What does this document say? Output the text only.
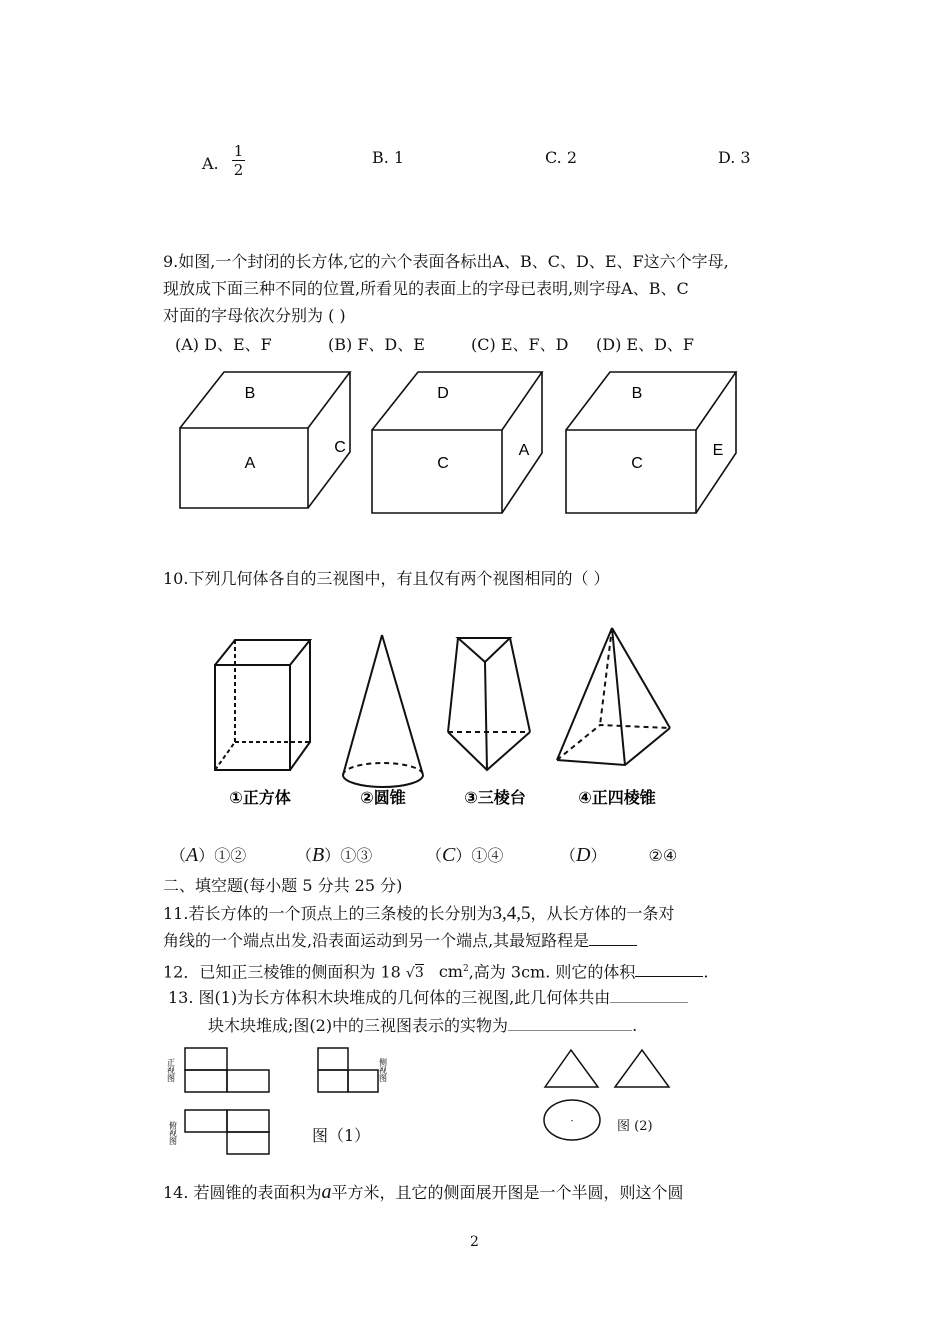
A. $\frac{1}{2}$	B. 1	C. 2	D. 3
9.如图,一个封闭的长方体,它的六个表面各标出A、B、C、D、E、F这六个字母,
现放成下面三种不同的位置,所看见的表面上的字母已表明,则字母A、B、C
对面的字母依次分别为 ( )
(A) D、E、F	(B) F、D、E	(C) E、F、D (D) E、D、F
B
A
C
D
C
A
B
C
E
10.下列几何体各自的三视图中，有且仅有两个视图相同的（ ）
①正方体	②圆锥	③三棱台	④正四棱锥
（A）①②	（B）①③	（C）①④	（D）	②④
二、填空题(每小题 5 分共 25 分)
11.若长方体的一个顶点上的三条棱的长分别为3,4,5，从长方体的一条对
角线的一个端点出发,沿表面运动到另一个端点,其最短路程是
12．已知正三棱锥的侧面积为 18 √3 $cm^2$,高为 3cm. 则它的体积	.
13. 图(1)为长方体积木块堆成的几何体的三视图,此几何体共由
块木块堆成;图(2)中的三视图表示的实物为	.
正视图	侧视图
俯视图	图（1）
-	图 (2)
14. 若圆锥的表面积为a平方米，且它的侧面展开图是一个半圆，则这个圆
2
